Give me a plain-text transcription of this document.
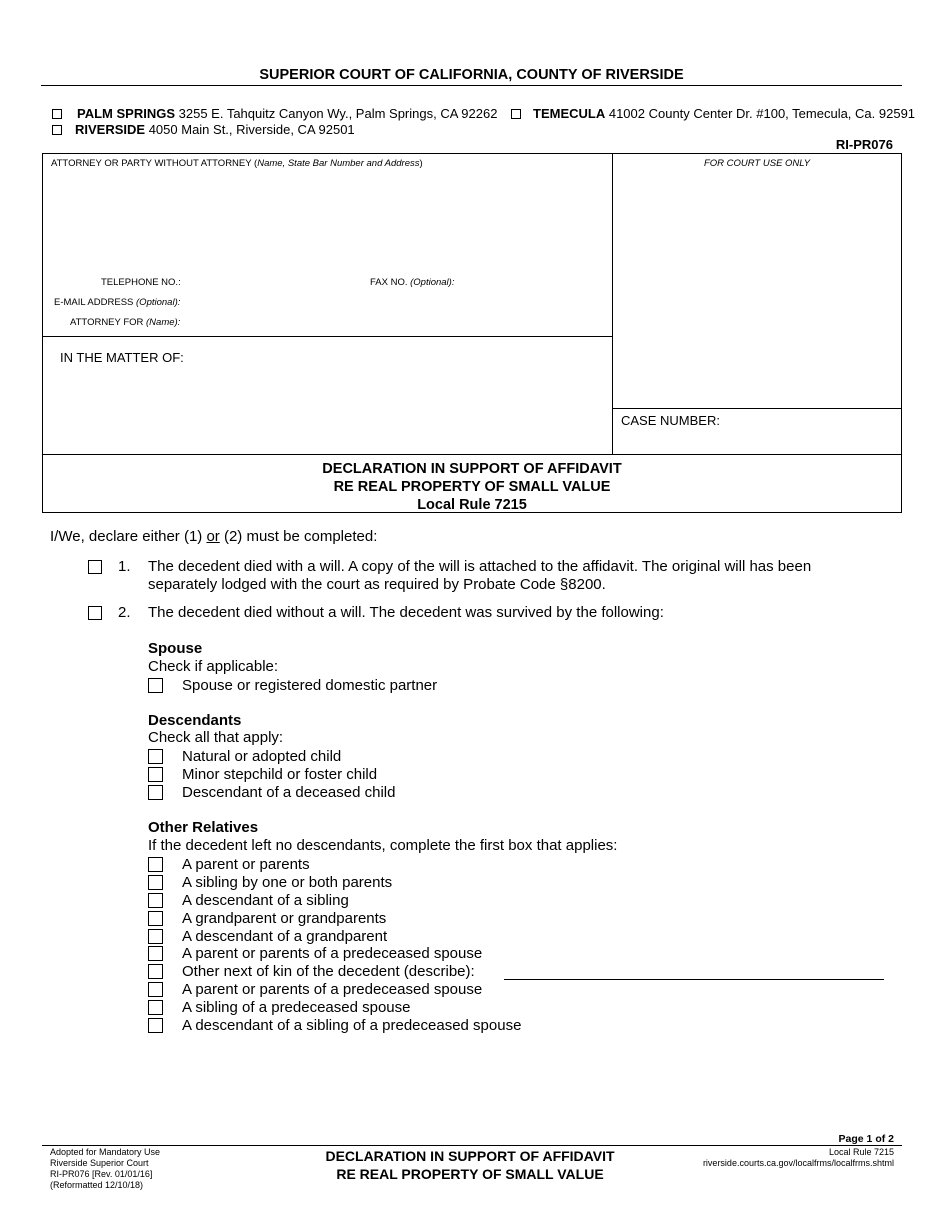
SUPERIOR COURT OF CALIFORNIA, COUNTY OF RIVERSIDE
PALM SPRINGS
3255 E. Tahquitz Canyon Wy., Palm Springs, CA 92262	TEMECULA
41002 County Center Dr. #100, Temecula, Ca. 92591
RIVERSIDE
4050 Main St., Riverside, CA 92501
RI-PR076
ATTORNEY OR PARTY WITHOUT ATTORNEY (Name, State Bar Number and Address)	FOR COURT USE ONLY
TELEPHONE NO.:	FAX NO. (Optional):
E-MAIL ADDRESS (Optional):
ATTORNEY FOR (Name):
IN THE MATTER OF:
CASE NUMBER:
DECLARATION IN SUPPORT OF AFFIDAVIT
RE REAL PROPERTY OF SMALL VALUE
Local Rule 7215
I/We, declare either (1) or (2) must be completed:
1. The decedent died with a will. A copy of the will is attached to the affidavit. The original will has been
separately lodged with the court as required by Probate Code §8200.
2. The decedent died without a will. The decedent was survived by the following:
Spouse
Check if applicable:
Spouse or registered domestic partner
Descendants
Check all that apply:
Natural or adopted child
Minor stepchild or foster child
Descendant of a deceased child
Other Relatives
If the decedent left no descendants, complete the first box that applies:
A parent or parents
A sibling by one or both parents
A descendant of a sibling
A grandparent or grandparents
A descendant of a grandparent
A parent or parents of a predeceased spouse
Other next of kin of the decedent (describe):
A parent or parents of a predeceased spouse
A sibling of a predeceased spouse
A descendant of a sibling of a predeceased spouse
Adopted for Mandatory Use
Riverside Superior Court
RI-PR076 [Rev. 01/01/16]
(Reformatted 12/10/18)
DECLARATION IN SUPPORT OF AFFIDAVIT
RE REAL PROPERTY OF SMALL VALUE
Page 1 of 2
Local Rule 7215
riverside.courts.ca.gov/localfrms/localfrms.shtml
